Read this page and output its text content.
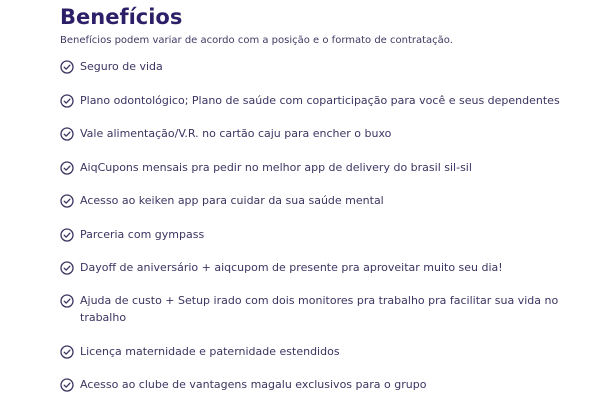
Benefícios
Benefícios podem variar de acordo com a posição e o formato de contratação.
Seguro de vida
Plano odontológico; Plano de saúde com coparticipação para você e seus dependentes
Vale alimentação/V.R. no cartão caju para encher o buxo
AiqCupons mensais pra pedir no melhor app de delivery do brasil sil-sil
Acesso ao keiken app para cuidar da sua saúde mental
Parceria com gympass
Dayoff de aniversário + aiqcupom de presente pra aproveitar muito seu dia!
Ajuda de custo + Setup irado com dois monitores pra trabalho pra facilitar sua vida no trabalho
Licença maternidade e paternidade estendidos
Acesso ao clube de vantagens magalu exclusivos para o grupo
